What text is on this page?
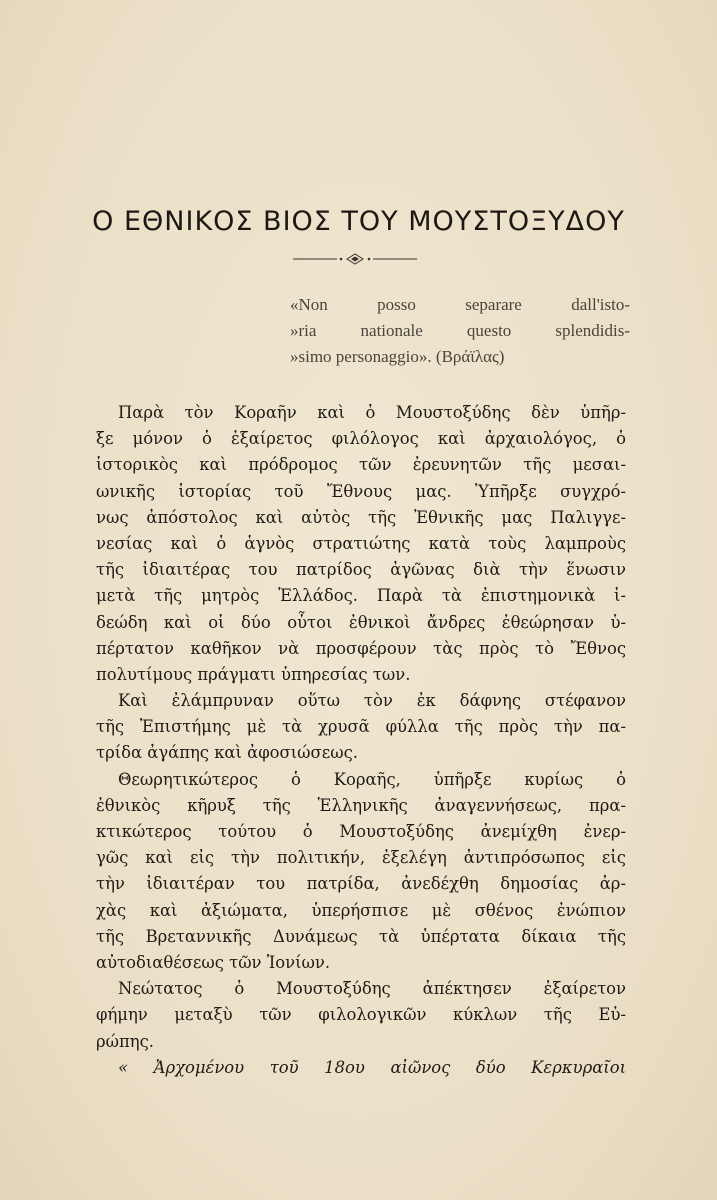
Ο ΕΘΝΙΚΟΣ ΒΙΟΣ ΤΟΥ ΜΟΥΣΤΟΞΥΔΟΥ
«Non posso separare dall'isto-
»ria nationale questo splendidis-
»simo personaggio». (Βράϊλας)
Παρὰ τὸν Κοραῆν καὶ ὁ Μουστοξύδης δὲν ὑπῆρ-
ξε μόνον ὁ ἐξαίρετος φιλόλογος καὶ ἀρχαιολόγος, ὁ
ἱστορικὸς καὶ πρόδρομος τῶν ἐρευνητῶν τῆς μεσαι-
ωνικῆς ἱστορίας τοῦ Ἔθνους μας. Ὑπῆρξε συγχρό-
νως ἀπόστολος καὶ αὐτὸς τῆς Ἐθνικῆς μας Παλιγγε-
νεσίας καὶ ὁ ἁγνὸς στρατιώτης κατὰ τοὺς λαμπροὺς
τῆς ἰδιαιτέρας του πατρίδος ἀγῶνας διὰ τὴν ἕνωσιν
μετὰ τῆς μητρὸς Ἑλλάδος. Παρὰ τὰ ἐπιστημονικὰ ἰ-
δεώδη καὶ οἱ δύο οὗτοι ἐθνικοὶ ἄνδρες ἐθεώρησαν ὑ-
πέρτατον καθῆκον νὰ προσφέρουν τὰς πρὸς τὸ Ἔθνος
πολυτίμους πράγματι ὑπηρεσίας των.
Καὶ ἐλάμπρυναν οὕτω τὸν ἐκ δάφνης στέφανον
τῆς Ἐπιστήμης μὲ τὰ χρυσᾶ φύλλα τῆς πρὸς τὴν πα-
τρίδα ἀγάπης καὶ ἀφοσιώσεως.
Θεωρητικώτερος ὁ Κοραῆς, ὑπῆρξε κυρίως ὁ
ἐθνικὸς κῆρυξ τῆς Ἑλληνικῆς ἀναγεννήσεως, πρα-
κτικώτερος τούτου ὁ Μουστοξύδης ἀνεμίχθη ἐνερ-
γῶς καὶ εἰς τὴν πολιτικήν, ἐξελέγη ἀντιπρόσωπος εἰς
τὴν ἰδιαιτέραν του πατρίδα, ἀνεδέχθη δημοσίας ἀρ-
χὰς καὶ ἀξιώματα, ὑπερήσπισε μὲ σθένος ἐνώπιον
τῆς Βρεταννικῆς Δυνάμεως τὰ ὑπέρτατα δίκαια τῆς
αὐτοδιαθέσεως τῶν Ἰονίων.
Νεώτατος ὁ Μουστοξύδης ἀπέκτησεν ἐξαίρετον
φήμην μεταξὺ τῶν φιλολογικῶν κύκλων τῆς Εὐ-
ρώπης.
« Ἀρχομένου τοῦ 18ου αἰῶνος δύο Κερκυραῖοι
